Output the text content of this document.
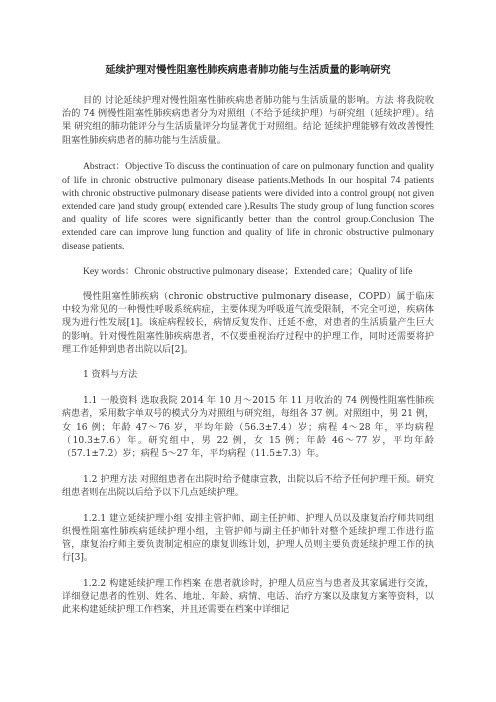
延续护理对慢性阻塞性肺疾病患者肺功能与生活质量的影响研究

目的 讨论延续护理对慢性阻塞性肺疾病患者肺功能与生活质量的影响。方法 将我院收治的 74 例慢性阻塞性肺疾病患者分为对照组（不给予延续护理）与研究组（延续护理）。结果 研究组的肺功能评分与生活质量评分均显著优于对照组。结论 延续护理能够有效改善慢性阻塞性肺疾病患者的肺功能与生活质量。

Abstract：Objective To discuss the continuation of care on pulmonary function and quality of life in chronic obstructive pulmonary disease patients.Methods In our hospital 74 patients with chronic obstructive pulmonary disease patients were divided into a control group( not given extended care )and study group( extended care ).Results The study group of lung function scores and quality of life scores were significantly better than the control group.Conclusion The extended care can improve lung function and quality of life in chronic obstructive pulmonary disease patients.

Key words：Chronic obstructive pulmonary disease；Extended care；Quality of life

慢性阻塞性肺疾病（chronic obstructive pulmonary disease，COPD）属于临床中较为常见的一种慢性呼吸系统病症，主要体现为呼吸道气流受限制，不完全可逆，疾病体现为进行性发展[1]。该症病程较长，病情反复发作、迁延不愈，对患者的生活质量产生巨大的影响。针对慢性阻塞性肺疾病患者，不仅要重视治疗过程中的护理工作，同时还需要将护理工作延伸到患者出院以后[2]。

1 资料与方法

1.1 一般资料 选取我院 2014 年 10 月～2015 年 11 月收治的 74 例慢性阻塞性肺疾病患者，采用数字单双号的模式分为对照组与研究组，每组各 37 例。对照组中，男 21 例，女 16 例；年龄 47～76 岁，平均年龄（56.3±7.4）岁；病程 4～28 年，平均病程（10.3±7.6）年。研究组中，男 22 例，女 15 例；年龄 46～77 岁，平均年龄（57.1±7.2）岁；病程 5～27 年，平均病程（11.5±7.3）年。

1.2 护理方法 对照组患者在出院时给予健康宣教，出院以后不给予任何护理干预。研究组患者则在出院以后给予以下几点延续护理。

1.2.1 建立延续护理小组 安排主管护师、副主任护师、护理人员以及康复治疗师共同组织慢性阻塞性肺疾病延续护理小组，主管护师与副主任护师针对整个延续护理工作进行监管，康复治疗师主要负责制定相应的康复训练计划，护理人员则主要负责延续护理工作的执行[3]。

1.2.2 构建延续护理工作档案 在患者就诊时，护理人员应当与患者及其家属进行交流，详细登记患者的性别、姓名、地址、年龄、病情、电话、治疗方案以及康复方案等资料，以此来构建延续护理工作档案，并且还需要在档案中详细记
